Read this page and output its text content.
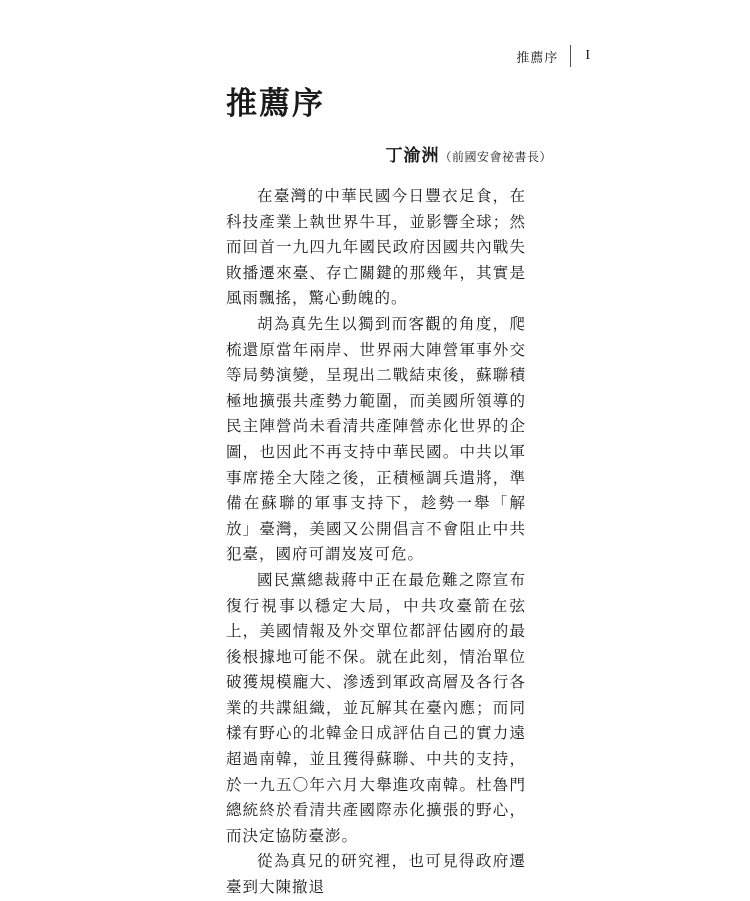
推薦序	I
推薦序
丁渝洲 （前國安會祕書長）

在臺灣的中華民國今日豐衣足食，在科技產業上執世界牛耳，並影響全球；然而回首一九四九年國民政府因國共內戰失敗播遷來臺、存亡關鍵的那幾年，其實是風雨飄搖，驚心動魄的。

胡為真先生以獨到而客觀的角度，爬梳還原當年兩岸、世界兩大陣營軍事外交等局勢演變，呈現出二戰結束後，蘇聯積極地擴張共產勢力範圍，而美國所領導的民主陣營尚未看清共產陣營赤化世界的企圖，也因此不再支持中華民國。中共以軍事席捲全大陸之後，正積極調兵遣將，準備在蘇聯的軍事支持下，趁勢一舉「解放」臺灣，美國又公開倡言不會阻止中共犯臺，國府可謂岌岌可危。

國民黨總裁蔣中正在最危難之際宣布復行視事以穩定大局，中共攻臺箭在弦上，美國情報及外交單位都評估國府的最後根據地可能不保。就在此刻，情治單位破獲規模龐大、滲透到軍政高層及各行各業的共諜組織，並瓦解其在臺內應；而同樣有野心的北韓金日成評估自己的實力遠超過南韓，並且獲得蘇聯、中共的支持，於一九五〇年六月大舉進攻南韓。杜魯門總統終於看清共產國際赤化擴張的野心，而決定協防臺澎。

從為真兄的研究裡，也可見得政府遷臺到大陳撤退
